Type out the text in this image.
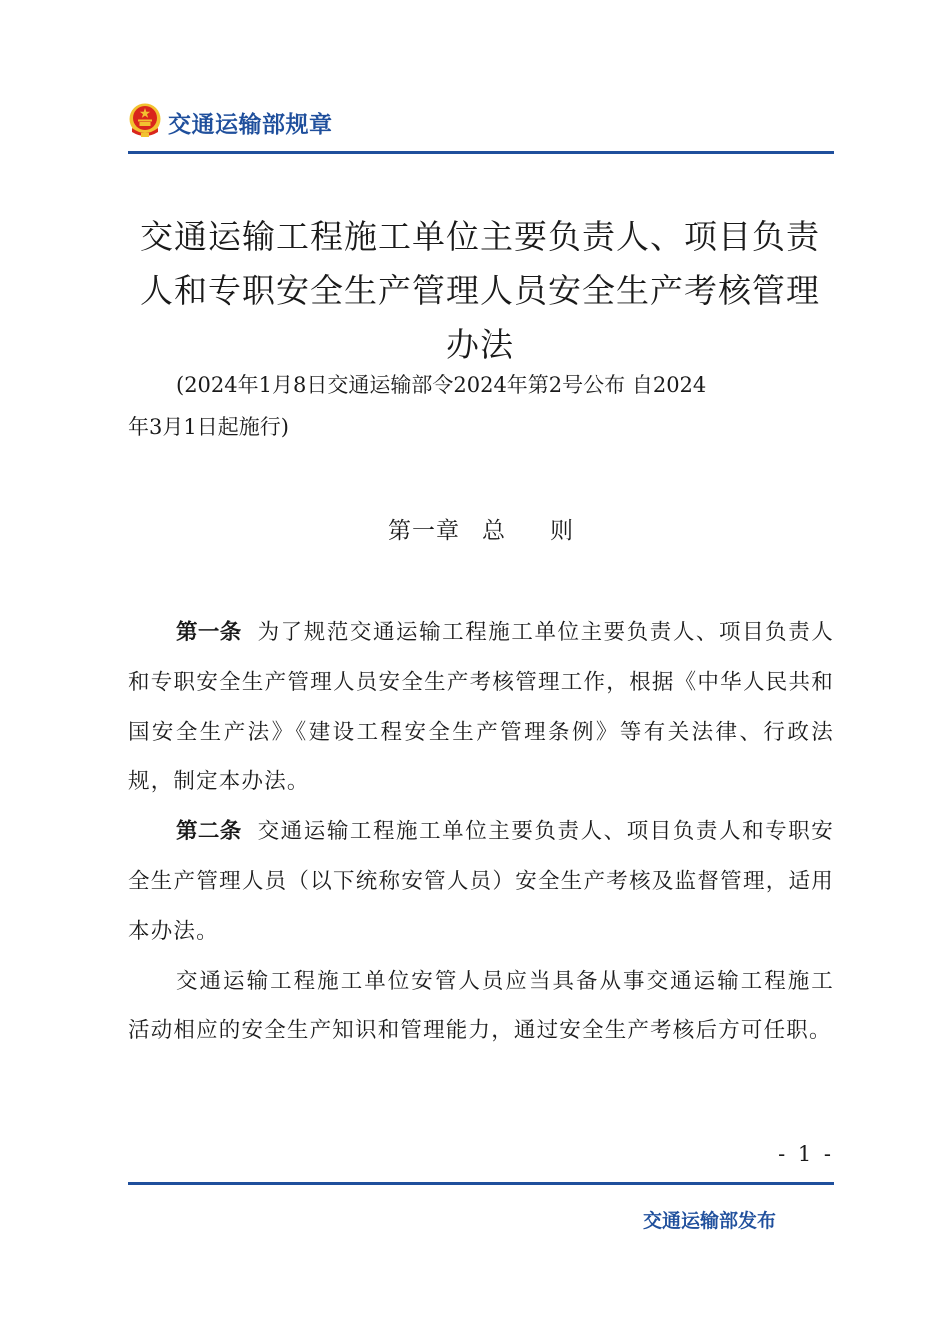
交通运输部规章
交通运输工程施工单位主要负责人、项目负责
人和专职安全生产管理人员安全生产考核管理
办法
(2024年1月8日交通运输部令2024年第2号公布 自2024
年3月1日起施行)
第一章 总 则

第一条 为了规范交通运输工程施工单位主要负责人、项目负责人和专职安全生产管理人员安全生产考核管理工作，根据《中华人民共和国安全生产法》《建设工程安全生产管理条例》等有关法律、行政法规，制定本办法。

第二条 交通运输工程施工单位主要负责人、项目负责人和专职安全生产管理人员（以下统称安管人员）安全生产考核及监督管理，适用本办法。

交通运输工程施工单位安管人员应当具备从事交通运输工程施工活动相应的安全生产知识和管理能力，通过安全生产考核后方可任职。

- 1 -
交通运输部发布
